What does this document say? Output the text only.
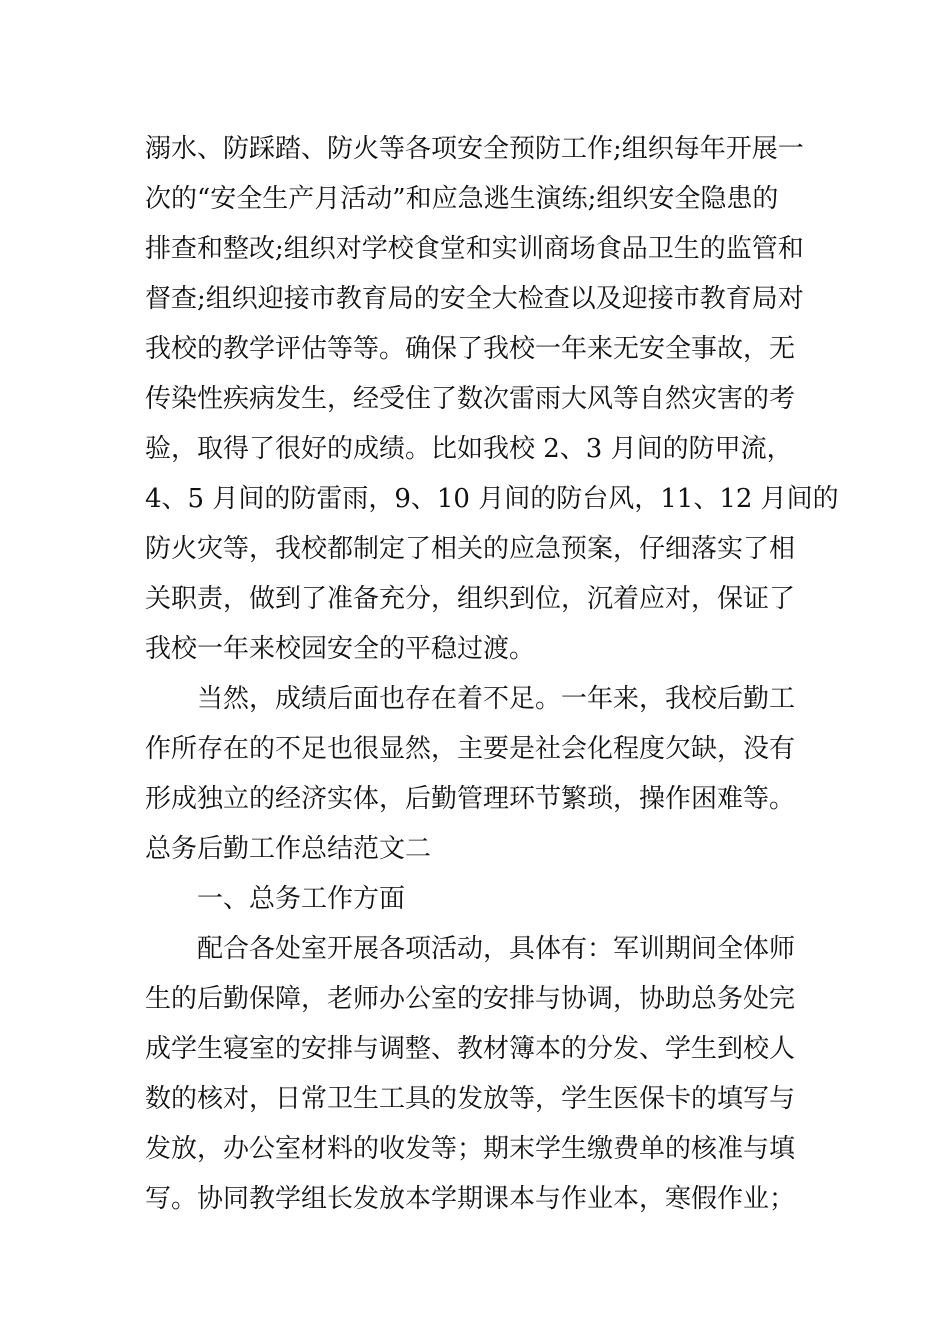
溺水、防踩踏、防火等各项安全预防工作;组织每年开展一
次的“安全生产月活动”和应急逃生演练;组织安全隐患的
排查和整改;组织对学校食堂和实训商场食品卫生的监管和
督查;组织迎接市教育局的安全大检查以及迎接市教育局对
我校的教学评估等等。确保了我校一年来无安全事故，无
传染性疾病发生，经受住了数次雷雨大风等自然灾害的考
验，取得了很好的成绩。比如我校 2、3 月间的防甲流，
4、5 月间的防雷雨，9、10 月间的防台风，11、12 月间的
防火灾等，我校都制定了相关的应急预案，仔细落实了相
关职责，做到了准备充分，组织到位，沉着应对，保证了
我校一年来校园安全的平稳过渡。
当然，成绩后面也存在着不足。一年来，我校后勤工
作所存在的不足也很显然，主要是社会化程度欠缺，没有
形成独立的经济实体，后勤管理环节繁琐，操作困难等。
总务后勤工作总结范文二
一、总务工作方面
配合各处室开展各项活动，具体有：军训期间全体师
生的后勤保障，老师办公室的安排与协调，协助总务处完
成学生寝室的安排与调整、教材簿本的分发、学生到校人
数的核对，日常卫生工具的发放等，学生医保卡的填写与
发放，办公室材料的收发等；期末学生缴费单的核准与填
写。协同教学组长发放本学期课本与作业本，寒假作业；
